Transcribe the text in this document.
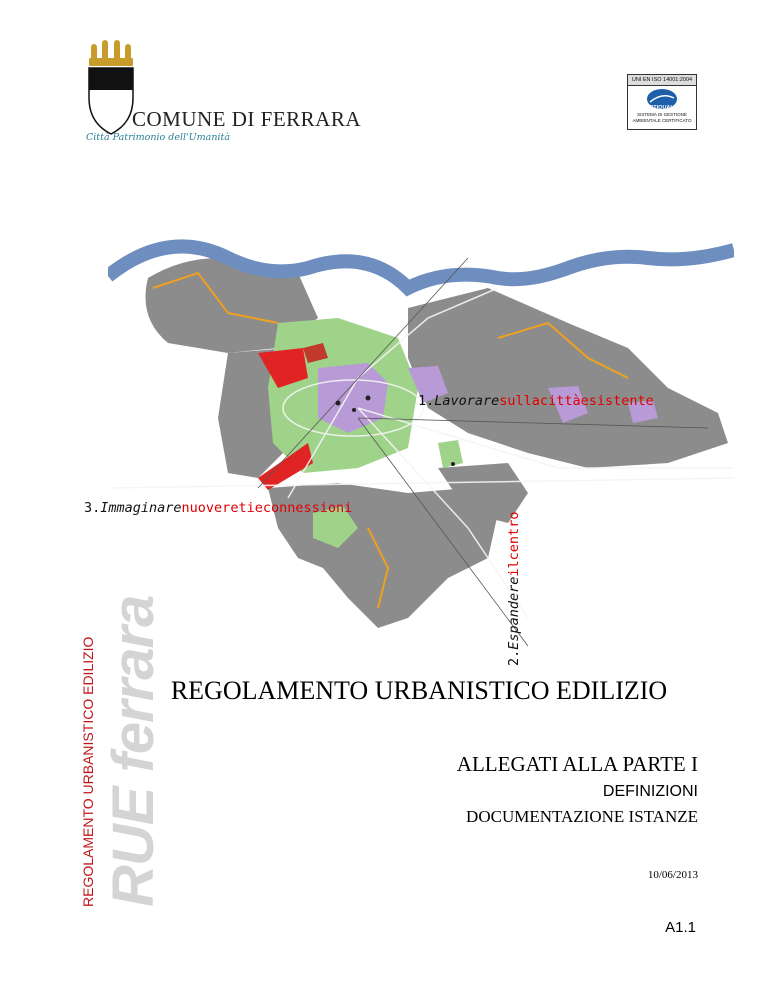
COMUNE DI FERRARA
Città Patrimonio dell'Umanità
UNI EN ISO 14001:2004
CERTIQUALITY
SISTEMA DI GESTIONE
AMBIENTALE CERTIFICATO
1.Lavoraresullacittàesistente
3.Immaginarenuoveretieconnessioni
2.Espandereilcentro
RUE ferrara
REGOLAMENTO URBANISTICO EDILIZIO	REGOLAMENTO URBANISTICO EDILIZIO
ALLEGATI ALLA PARTE I
DEFINIZIONI
DOCUMENTAZIONE ISTANZE
10/06/2013
A1.1
